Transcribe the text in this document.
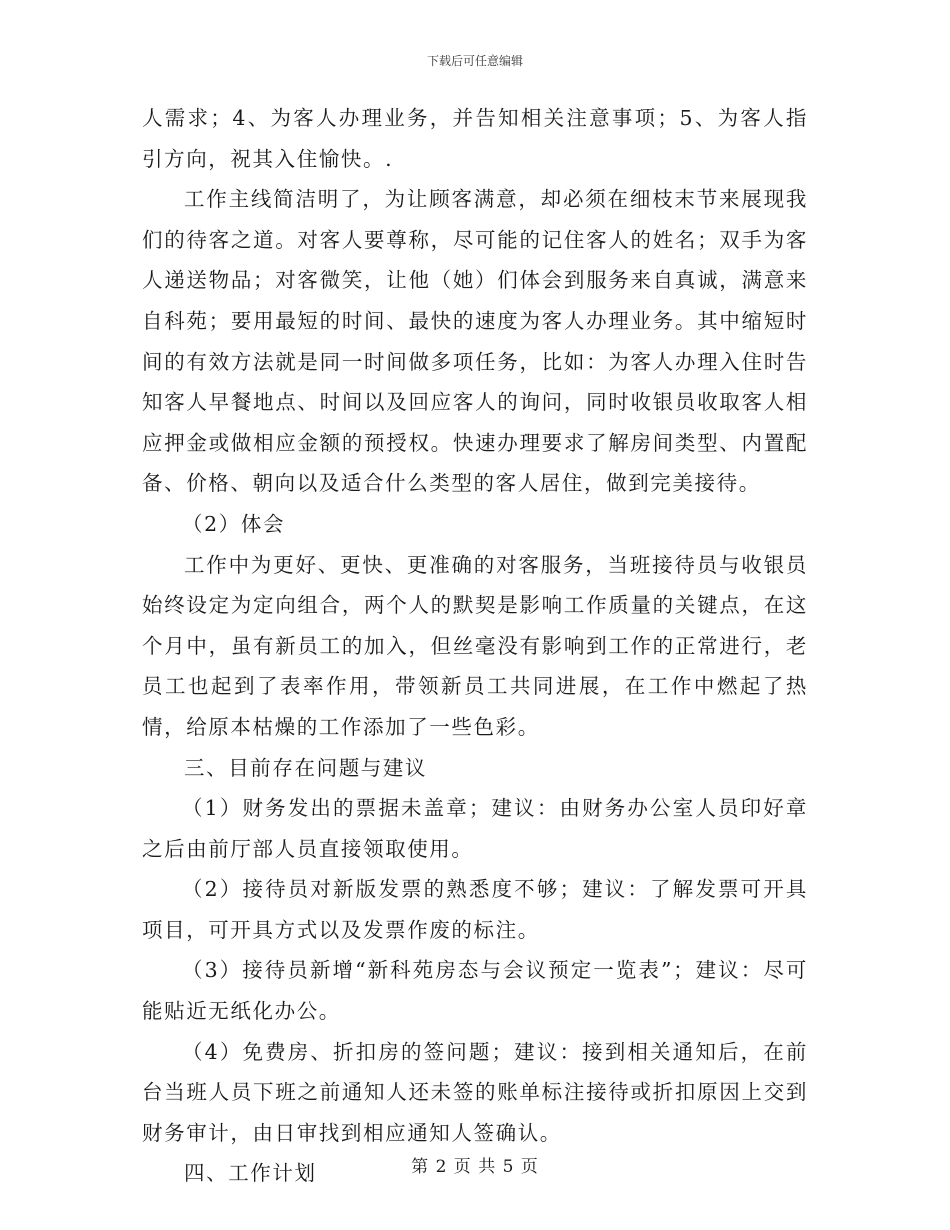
下载后可任意编辑

人需求；4、为客人办理业务，并告知相关注意事项；5、为客人指引方向，祝其入住愉快。.

工作主线简洁明了，为让顾客满意，却必须在细枝末节来展现我们的待客之道。对客人要尊称，尽可能的记住客人的姓名；双手为客人递送物品；对客微笑，让他（她）们体会到服务来自真诚，满意来自科苑；要用最短的时间、最快的速度为客人办理业务。其中缩短时间的有效方法就是同一时间做多项任务，比如：为客人办理入住时告知客人早餐地点、时间以及回应客人的询问，同时收银员收取客人相应押金或做相应金额的预授权。快速办理要求了解房间类型、内置配备、价格、朝向以及适合什么类型的客人居住，做到完美接待。

（2）体会

工作中为更好、更快、更准确的对客服务，当班接待员与收银员始终设定为定向组合，两个人的默契是影响工作质量的关键点，在这个月中，虽有新员工的加入，但丝毫没有影响到工作的正常进行，老员工也起到了表率作用，带领新员工共同进展，在工作中燃起了热情，给原本枯燥的工作添加了一些色彩。

三、目前存在问题与建议

（1）财务发出的票据未盖章；建议：由财务办公室人员印好章之后由前厅部人员直接领取使用。

（2）接待员对新版发票的熟悉度不够；建议：了解发票可开具项目，可开具方式以及发票作废的标注。

（3）接待员新增“新科苑房态与会议预定一览表”；建议：尽可能贴近无纸化办公。

（4）免费房、折扣房的签问题；建议：接到相关通知后，在前台当班人员下班之前通知人还未签的账单标注接待或折扣原因上交到财务审计，由日审找到相应通知人签确认。

四、工作计划	第 2 页 共 5 页
